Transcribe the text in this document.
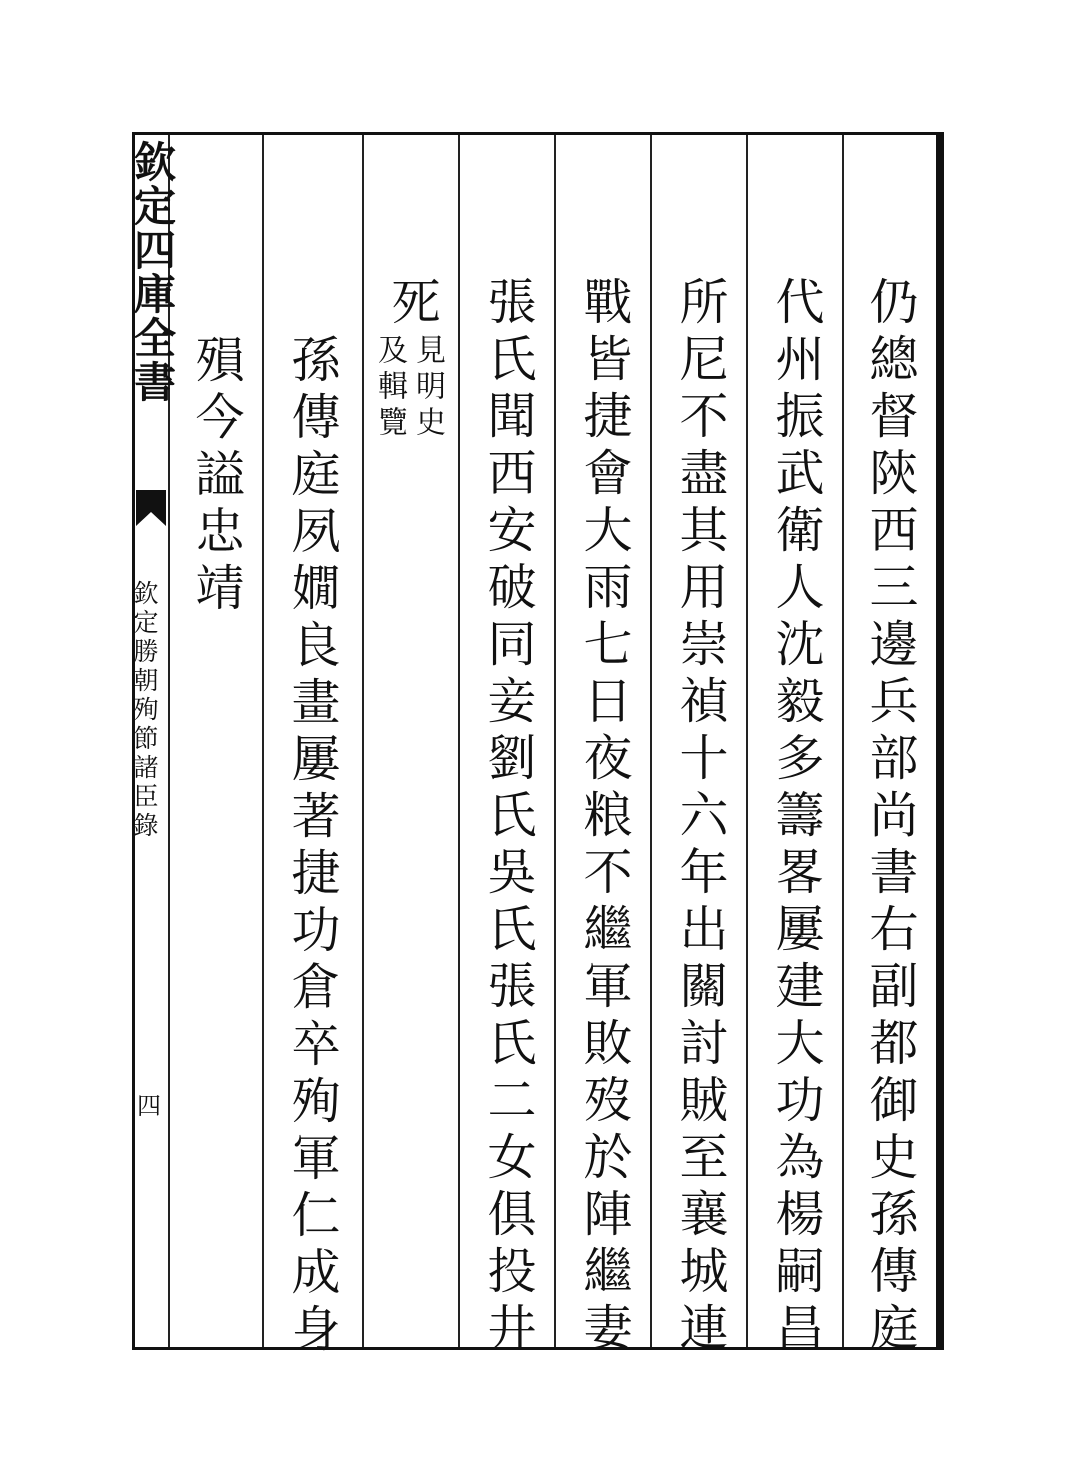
欽定四庫全書
欽定勝朝殉節諸臣錄
四	仍總督陝西三邊兵部尚書右副都御史孫傳庭
代州振武衛人沈毅多籌畧屢建大功為楊嗣昌
所尼不盡其用崇禎十六年出關討賊至襄城連
戰皆捷會大雨七日夜粮不繼軍敗歿於陣繼妻
張氏聞西安破同妾劉氏吳氏張氏二女俱投井
死
見明史
及輯覽
孫傳庭夙嫺良畫屢著捷功倉卒殉軍仁成身
殞今謚忠靖
